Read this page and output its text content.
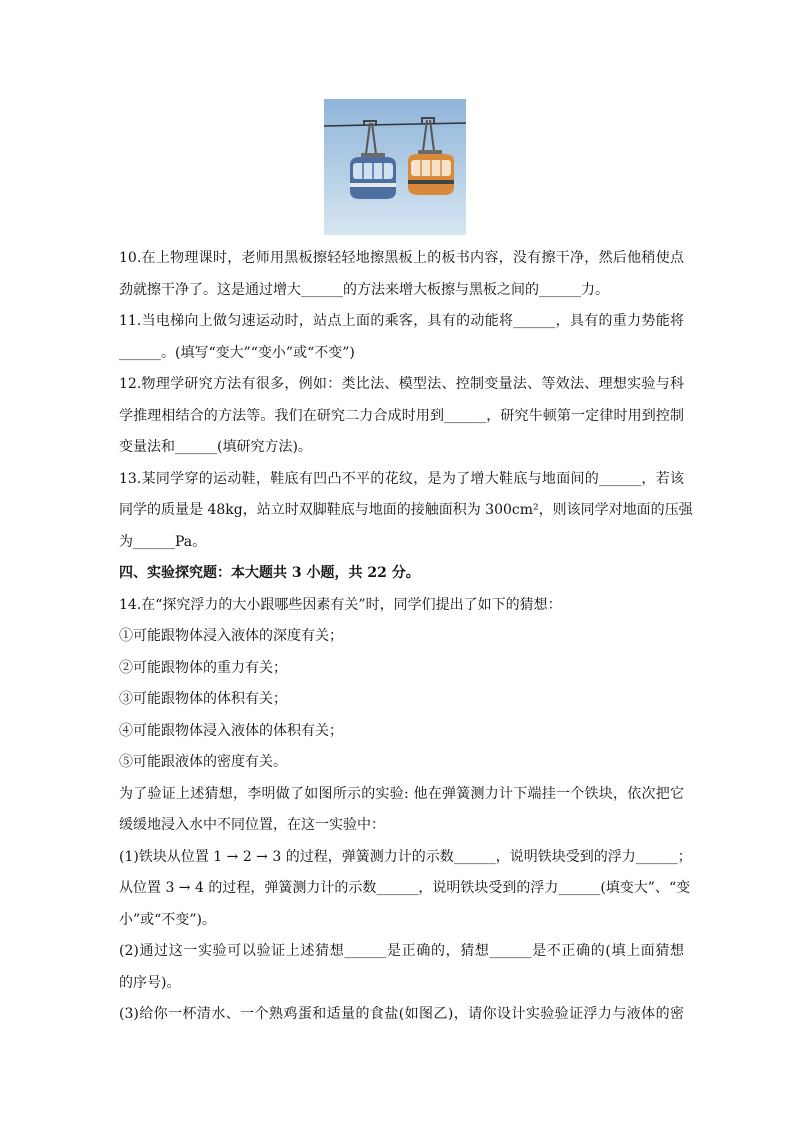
10.在上物理课时，老师用黑板擦轻轻地擦黑板上的板书内容，没有擦干净，然后他稍使点
劲就擦干净了。这是通过增大______的方法来增大板擦与黑板之间的______力。
11.当电梯向上做匀速运动时，站点上面的乘客，具有的动能将______，具有的重力势能将
______。(填写“变大”“变小”或“不变”)
12.物理学研究方法有很多，例如：类比法、模型法、控制变量法、等效法、理想实验与科
学推理相结合的方法等。我们在研究二力合成时用到______，研究牛顿第一定律时用到控制
变量法和______(填研究方法)。
13.某同学穿的运动鞋，鞋底有凹凸不平的花纹，是为了增大鞋底与地面间的______，若该
同学的质量是 48kg，站立时双脚鞋底与地面的接触面积为 300cm²，则该同学对地面的压强
为______Pa。
四、实验探究题：本大题共 3 小题，共 22 分。
14.在“探究浮力的大小跟哪些因素有关”时，同学们提出了如下的猜想：
①可能跟物体浸入液体的深度有关；
②可能跟物体的重力有关；
③可能跟物体的体积有关；
④可能跟物体浸入液体的体积有关；
⑤可能跟液体的密度有关。
为了验证上述猜想，李明做了如图所示的实验: 他在弹簧测力计下端挂一个铁块，依次把它
缓缓地浸入水中不同位置，在这一实验中：
(1)铁块从位置 1 → 2 → 3 的过程，弹簧测力计的示数______，说明铁块受到的浮力______；
从位置 3 → 4 的过程，弹簧测力计的示数______，说明铁块受到的浮力______(填变大”、“变
小”或“不变”)。
(2)通过这一实验可以验证上述猜想______是正确的，猜想______是不正确的(填上面猜想
的序号)。
(3)给你一杯清水、一个熟鸡蛋和适量的食盐(如图乙)，请你设计实验验证浮力与液体的密
